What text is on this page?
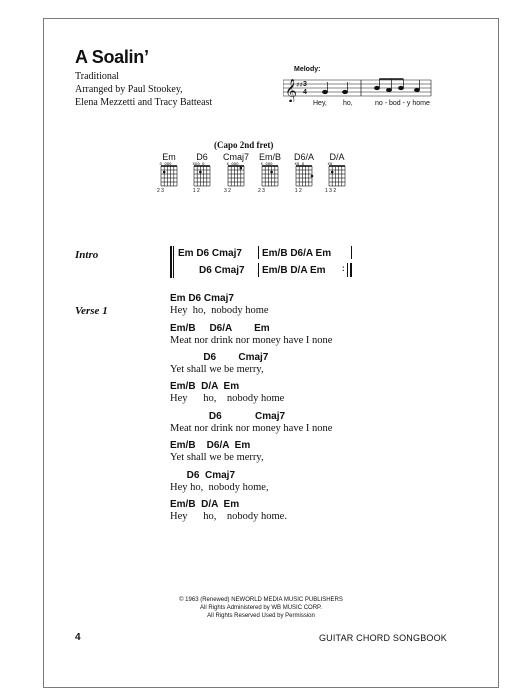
A Soalin’
Traditional
Arranged by Paul Stookey,
Elena Mezzetti and Tracy Batteast
Melody:
𝄞 ♯♯ 3
4
Hey, ho,	no - bod - y home
(Capo 2nd fret)
Em
o ooo
2 3
D6
xxo o
1 2
Cmaj7
x ooo
3 2
Em/B
x ooo
2 3
D6/A
xo o
1 2
D/A
xo
1 3 2
Intro	: Em D6 Cmaj7 Em/B D6/A Em
D6 Cmaj7 Em/B D/A Em :
Verse 1
Em D6 Cmaj7
Hey  ho,  nobody home
Em/B     D6/A        Em
Meat nor drink nor money have I none
D6        Cmaj7
Yet shall we be merry,
Em/B  D/A  Em
Hey      ho,    nobody home
D6            Cmaj7
Meat nor drink nor money have I none
Em/B    D6/A  Em
Yet shall we be merry,
D6  Cmaj7
Hey ho,  nobody home,
Em/B  D/A  Em
Hey      ho,    nobody home.
© 1963 (Renewed) NEWORLD MEDIA MUSIC PUBLISHERS
All Rights Administered by WB MUSIC CORP.
All Rights Reserved Used by Permission
4	GUITAR CHORD SONGBOOK
